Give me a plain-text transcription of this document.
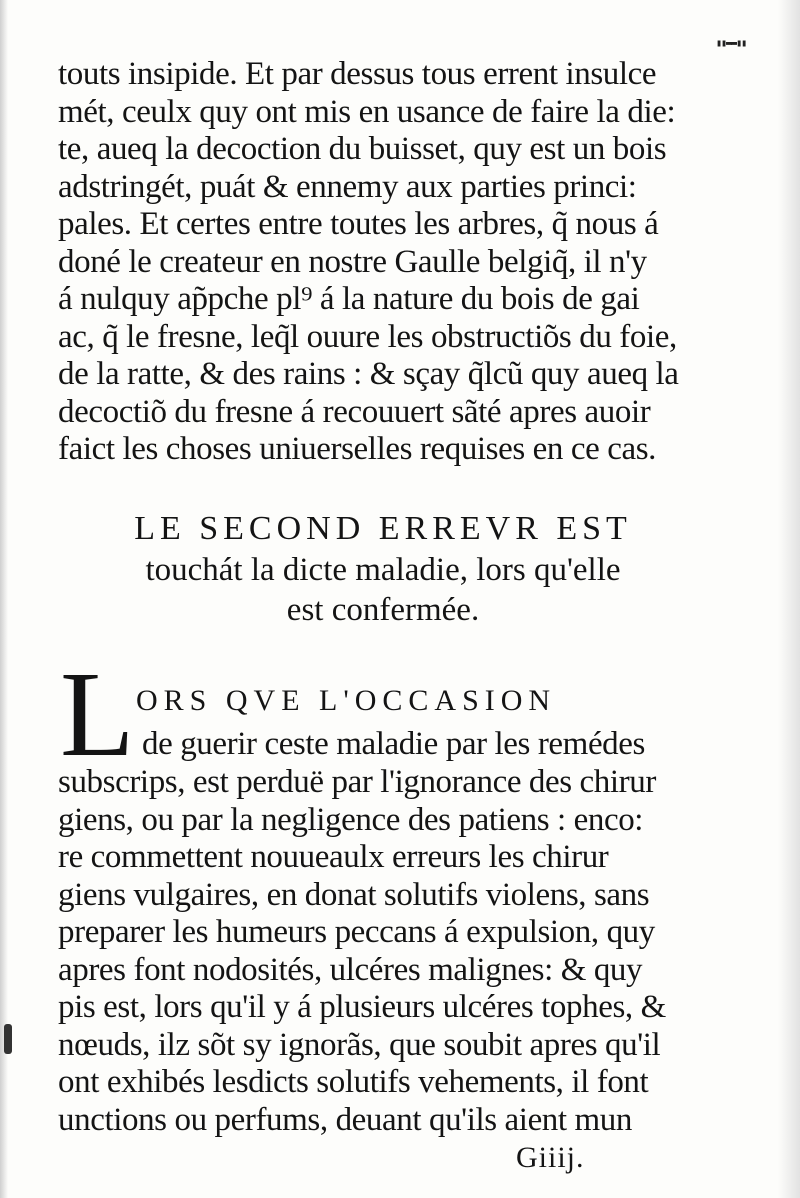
▮▮▬▬▮▮
touts insipide. Et par dessus tous errent insulce
mét, ceulx quy ont mis en usance de faire la die:
te, aueq la decoction du buisset, quy est un bois
adstringét, puát & ennemy aux parties princi:
pales. Et certes entre toutes les arbres, q̃ nous á
doné le createur en nostre Gaulle belgiq̃, il n'y
á nulquy ap̃pche pl⁹ á la nature du bois de gai
ac, q̃ le fresne, leq̃l ouure les obstructiõs du foie,
de la ratte, & des rains : & sçay q̃lcũ quy aueq la
decoctiõ du fresne á recouuert sãté apres auoir
faict les choses uniuerselles requises en ce cas.
LE SECOND ERREVR EST
touchát la dicte maladie, lors qu'elle
est confermée.
L ORS QVE L'OCCASION
de guerir ceste maladie par les remédes
subscrips, est perduë par l'ignorance des chirur
giens, ou par la negligence des patiens : enco:
re commettent nouueaulx erreurs les chirur
giens vulgaires, en donat solutifs violens, sans
preparer les humeurs peccans á expulsion, quy
apres font nodosités, ulcéres malignes: & quy
pis est, lors qu'il y á plusieurs ulcéres tophes, &
nœuds, ilz sõt sy ignorãs, que soubit apres qu'il
ont exhibés lesdicts solutifs vehements, il font
unctions ou perfums, deuant qu'ils aient mun
Giiij.
